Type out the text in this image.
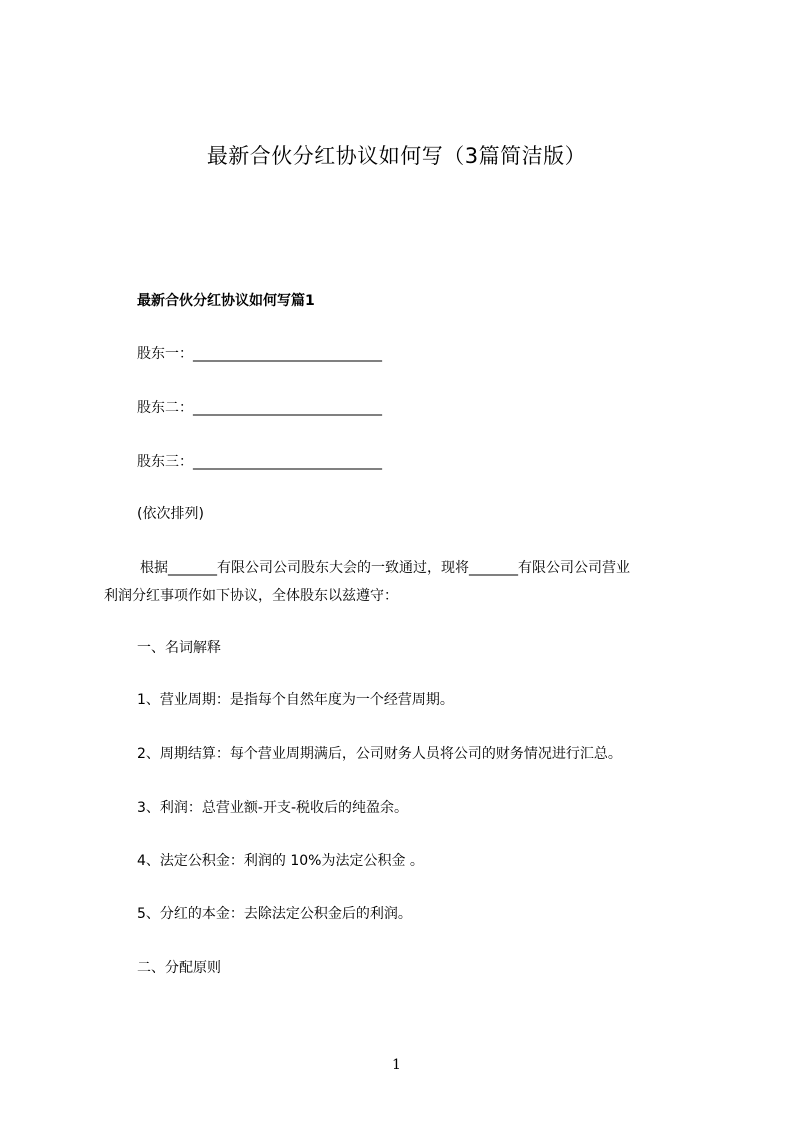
最新合伙分红协议如何写（3篇简洁版）
最新合伙分红协议如何写篇1
股东一：___________________________
股东二：___________________________
股东三：___________________________
(依次排列)
根据_______有限公司公司股东大会的一致通过，现将_______有限公司公司营业
利润分红事项作如下协议，全体股东以兹遵守：
一、名词解释
1、营业周期：是指每个自然年度为一个经营周期。
2、周期结算：每个营业周期满后，公司财务人员将公司的财务情况进行汇总。
3、利润：总营业额-开支-税收后的纯盈余。
4、法定公积金：利润的 10%为法定公积金 。
5、分红的本金：去除法定公积金后的利润。
二、分配原则
1
